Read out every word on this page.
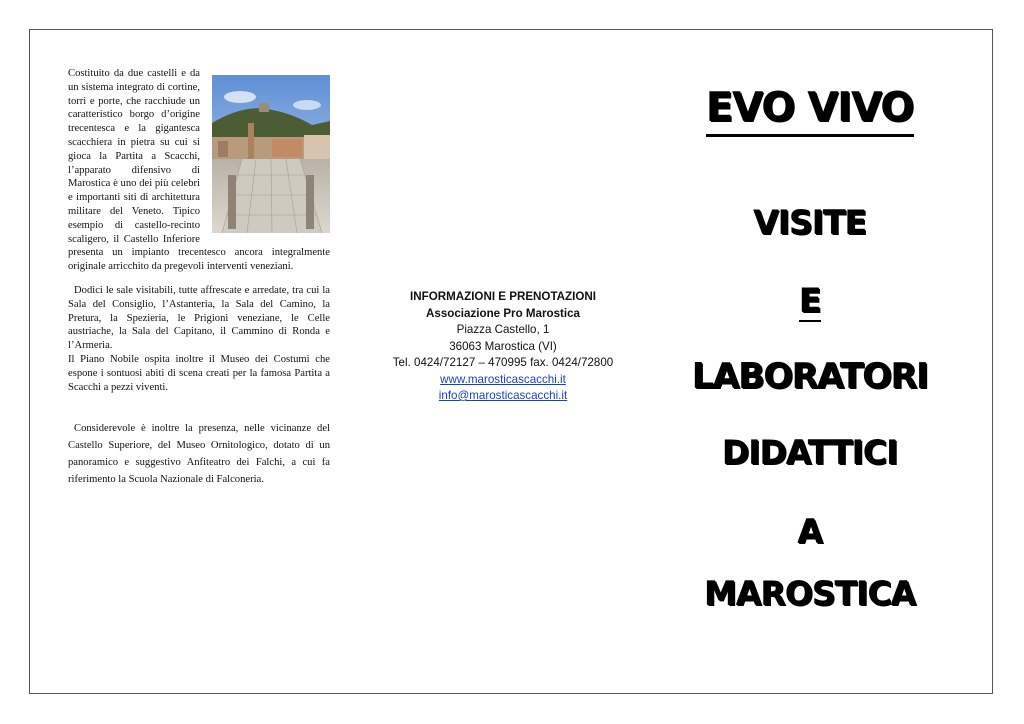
Costituito da due castelli e da un sistema integrato di cortine, torri e porte, che racchiude un caratteristico borgo d’origine trecentesca e la gigantesca scacchiera in pietra su cui si gioca la Partita a Scacchi, l’apparato difensivo di Marostica è uno dei più celebri e importanti siti di architettura militare del Veneto. Tipico esempio di castello-recinto scaligero, il Castello Inferiore presenta un impianto trecentesco ancora integralmente originale arricchito da pregevoli interventi veneziani.

Dodici le sale visitabili, tutte affrescate e arredate, tra cui la Sala del Consiglio, l’Astanteria, la Sala del Camino, la Pretura, la Spezieria, le Prigioni veneziane, le Celle austriache, la Sala del Capitano, il Cammino di Ronda e l’Armeria.

Il Piano Nobile ospita inoltre il Museo dei Costumi che espone i sontuosi abiti di scena creati per la famosa Partita a Scacchi a pezzi viventi.

Considerevole è inoltre la presenza, nelle vicinanze del Castello Superiore, del Museo Ornitologico, dotato di un panoramico e suggestivo Anfiteatro dei Falchi, a cui fa riferimento la Scuola Nazionale di Falconeria.

INFORMAZIONI E PRENOTAZIONI
Associazione Pro Marostica
Piazza Castello, 1
36063 Marostica (VI)
Tel. 0424/72127 – 470995 fax. 0424/72800
www.marosticascacchi.it
info@marosticascacchi.it
EVO VIVO
VISITE
E
LABORATORI
DIDATTICI
A
MAROSTICA
